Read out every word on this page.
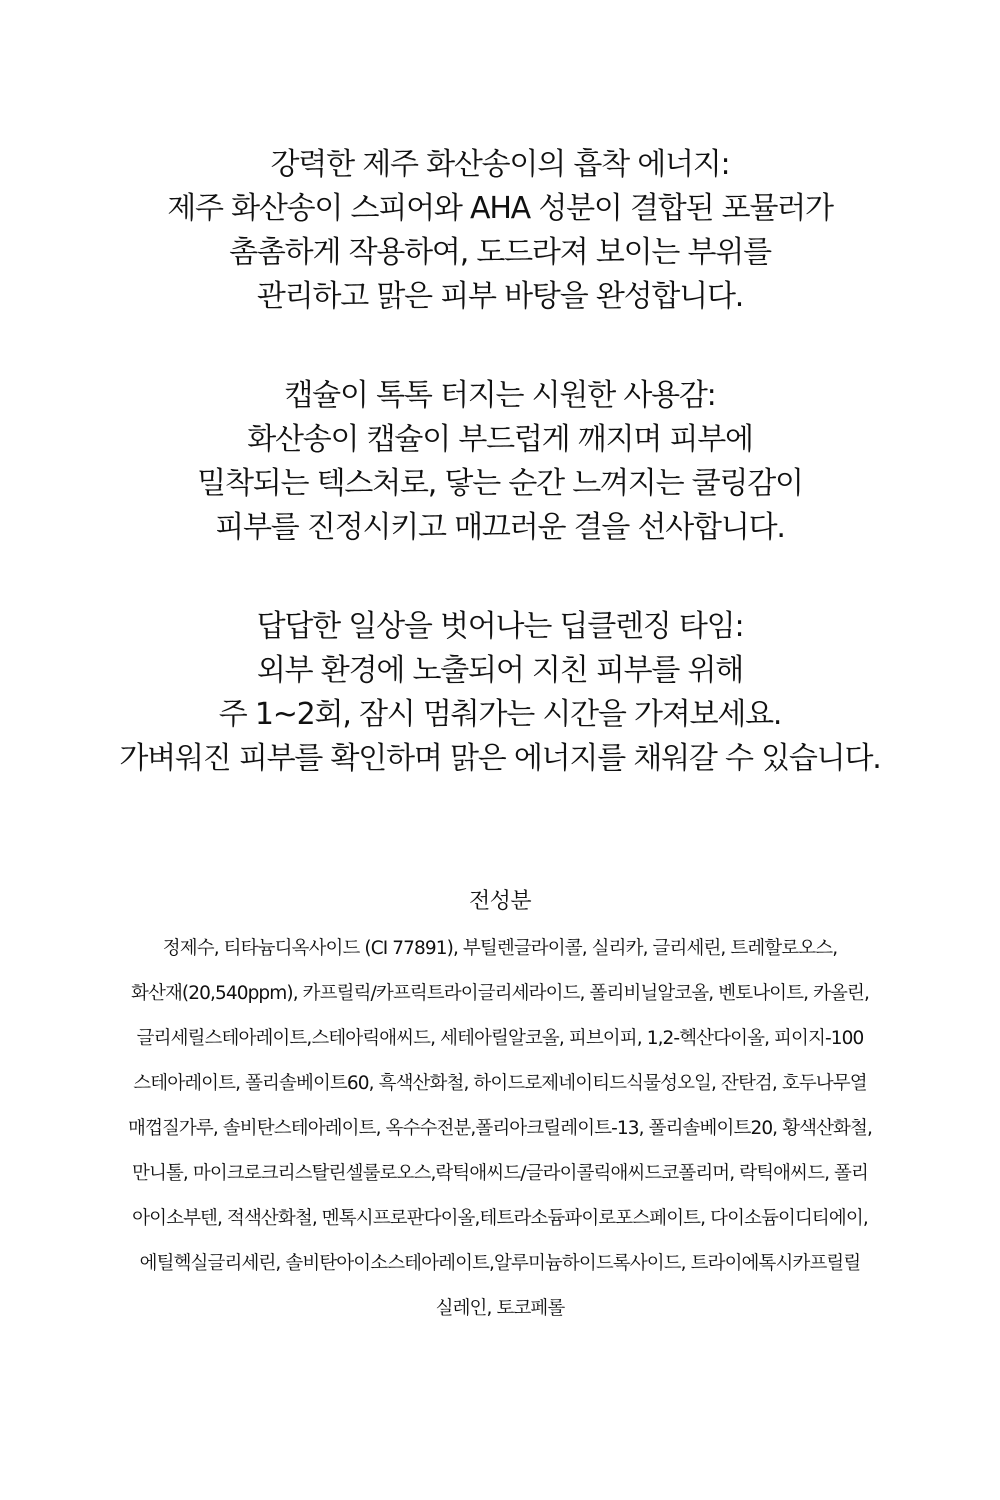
강력한 제주 화산송이의 흡착 에너지:
제주 화산송이 스피어와 AHA 성분이 결합된 포뮬러가
촘촘하게 작용하여, 도드라져 보이는 부위를
관리하고 맑은 피부 바탕을 완성합니다.
캡슐이 톡톡 터지는 시원한 사용감:
화산송이 캡슐이 부드럽게 깨지며 피부에
밀착되는 텍스처로, 닿는 순간 느껴지는 쿨링감이
피부를 진정시키고 매끄러운 결을 선사합니다.
답답한 일상을 벗어나는 딥클렌징 타임:
외부 환경에 노출되어 지친 피부를 위해
주 1~2회, 잠시 멈춰가는 시간을 가져보세요.
가벼워진 피부를 확인하며 맑은 에너지를 채워갈 수 있습니다.
전성분
정제수, 티타늄디옥사이드 (CI 77891), 부틸렌글라이콜, 실리카, 글리세린, 트레할로오스,
화산재(20,540ppm), 카프릴릭/카프릭트라이글리세라이드, 폴리비닐알코올, 벤토나이트, 카올린,
글리세릴스테아레이트,스테아릭애씨드, 세테아릴알코올, 피브이피, 1,2-헥산다이올, 피이지-100
스테아레이트, 폴리솔베이트60, 흑색산화철, 하이드로제네이티드식물성오일, 잔탄검, 호두나무열
매껍질가루, 솔비탄스테아레이트, 옥수수전분,폴리아크릴레이트-13, 폴리솔베이트20, 황색산화철,
만니톨, 마이크로크리스탈린셀룰로오스,락틱애씨드/글라이콜릭애씨드코폴리머, 락틱애씨드, 폴리
아이소부텐, 적색산화철, 멘톡시프로판다이올,테트라소듐파이로포스페이트, 다이소듐이디티에이,
에틸헥실글리세린, 솔비탄아이소스테아레이트,알루미늄하이드록사이드, 트라이에톡시카프릴릴
실레인, 토코페롤
